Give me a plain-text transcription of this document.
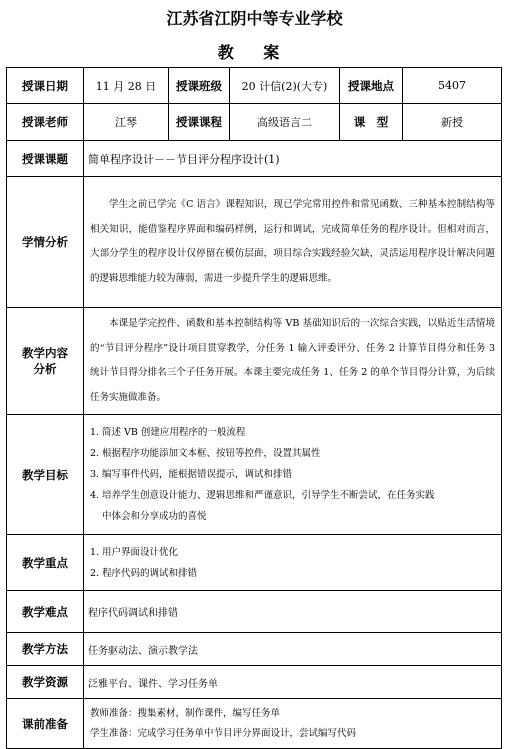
江苏省江阴中等专业学校
教 案
授课日期	11 月 28 日	授课班级	20 计信(2)(大专)	授课地点	5407
授课老师	江琴	授课课程	高级语言二	课　型	新授
授课课题	简单程序设计－－节目评分程序设计(1)				
学情分析	学生之前已学完《C 语言》课程知识，现已学完常用控件和常见函数、三种基本控制结构等相关知识，能借鉴程序界面和编码样例，运行和调试，完成简单任务的程序设计。但相对而言，大部分学生的程序设计仅停留在模仿层面，项目综合实践经验欠缺，灵活运用程序设计解决问题的逻辑思维能力较为薄弱，需进一步提升学生的逻辑思维。				

教学内容
分析	本课是学完控件、函数和基本控制结构等 VB 基础知识后的一次综合实践，以贴近生活情境的“节目评分程序”设计项目贯穿教学，分任务 1 输入评委评分、任务 2 计算节目得分和任务 3 统计节目得分排名三个子任务开展。本课主要完成任务 1、任务 2 的单个节目得分计算，为后续任务实施做准备。				

教学目标	1. 简述 VB 创建应用程序的一般流程
2. 根据程序功能添加文本框、按钮等控件，设置其属性
3. 编写事件代码，能根据错误提示，调试和排错
4. 培养学生创意设计能力、逻辑思维和严谨意识，引导学生不断尝试，在任务实践
中体会和分享成功的喜悦				

教学重点	1. 用户界面设计优化
2. 程序代码的调试和排错				

教学难点	程序代码调试和排错				
教学方法	任务驱动法、演示教学法				
教学资源	泛雅平台、课件、学习任务单				
课前准备	教师准备：搜集素材，制作课件，编写任务单
学生准备：完成学习任务单中节目评分界面设计，尝试编写代码				
